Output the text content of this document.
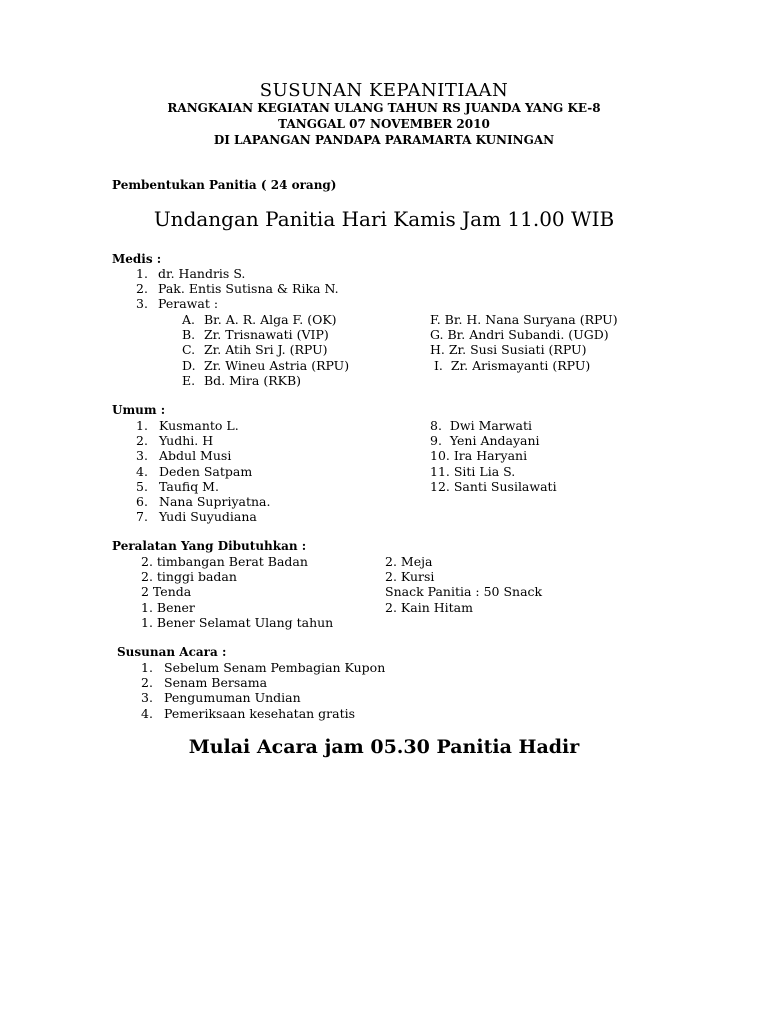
SUSUNAN KEPANITIAAN
RANGKAIAN KEGIATAN ULANG TAHUN RS JUANDA YANG KE-8
TANGGAL 07 NOVEMBER 2010
DI LAPANGAN PANDAPA PARAMARTA KUNINGAN
Pembentukan Panitia ( 24 orang)
Undangan Panitia Hari Kamis Jam 11.00 WIB
Medis :
1. dr. Handris S.
2. Pak. Entis Sutisna & Rika N.
3. Perawat :
A. Br. A. R. Alga F. (OK)
B. Zr. Trisnawati (VIP)
C. Zr. Atih Sri J. (RPU)
D. Zr. Wineu Astria (RPU)
E. Bd. Mira (RKB)
F. Br. H. Nana Suryana (RPU)
G. Br. Andri Subandi. (UGD)
H. Zr. Susi Susiati (RPU)
I.  Zr. Arismayanti (RPU)
Umum :
1. Kusmanto L.
2. Yudhi. H
3. Abdul Musi
4. Deden Satpam
5. Taufiq M.
6. Nana Supriyatna.
7. Yudi Suyudiana
8.  Dwi Marwati
9.  Yeni Andayani
10. Ira Haryani
11. Siti Lia S.
12. Santi Susilawati
Peralatan Yang Dibutuhkan :
2. timbangan Berat Badan
2. tinggi badan
2 Tenda
1. Bener
1. Bener Selamat Ulang tahun
2. Meja
2. Kursi
Snack Panitia : 50 Snack
2. Kain Hitam
Susunan Acara :
1. Sebelum Senam Pembagian Kupon
2. Senam Bersama
3. Pengumuman Undian
4. Pemeriksaan kesehatan gratis
Mulai Acara jam 05.30 Panitia Hadir
